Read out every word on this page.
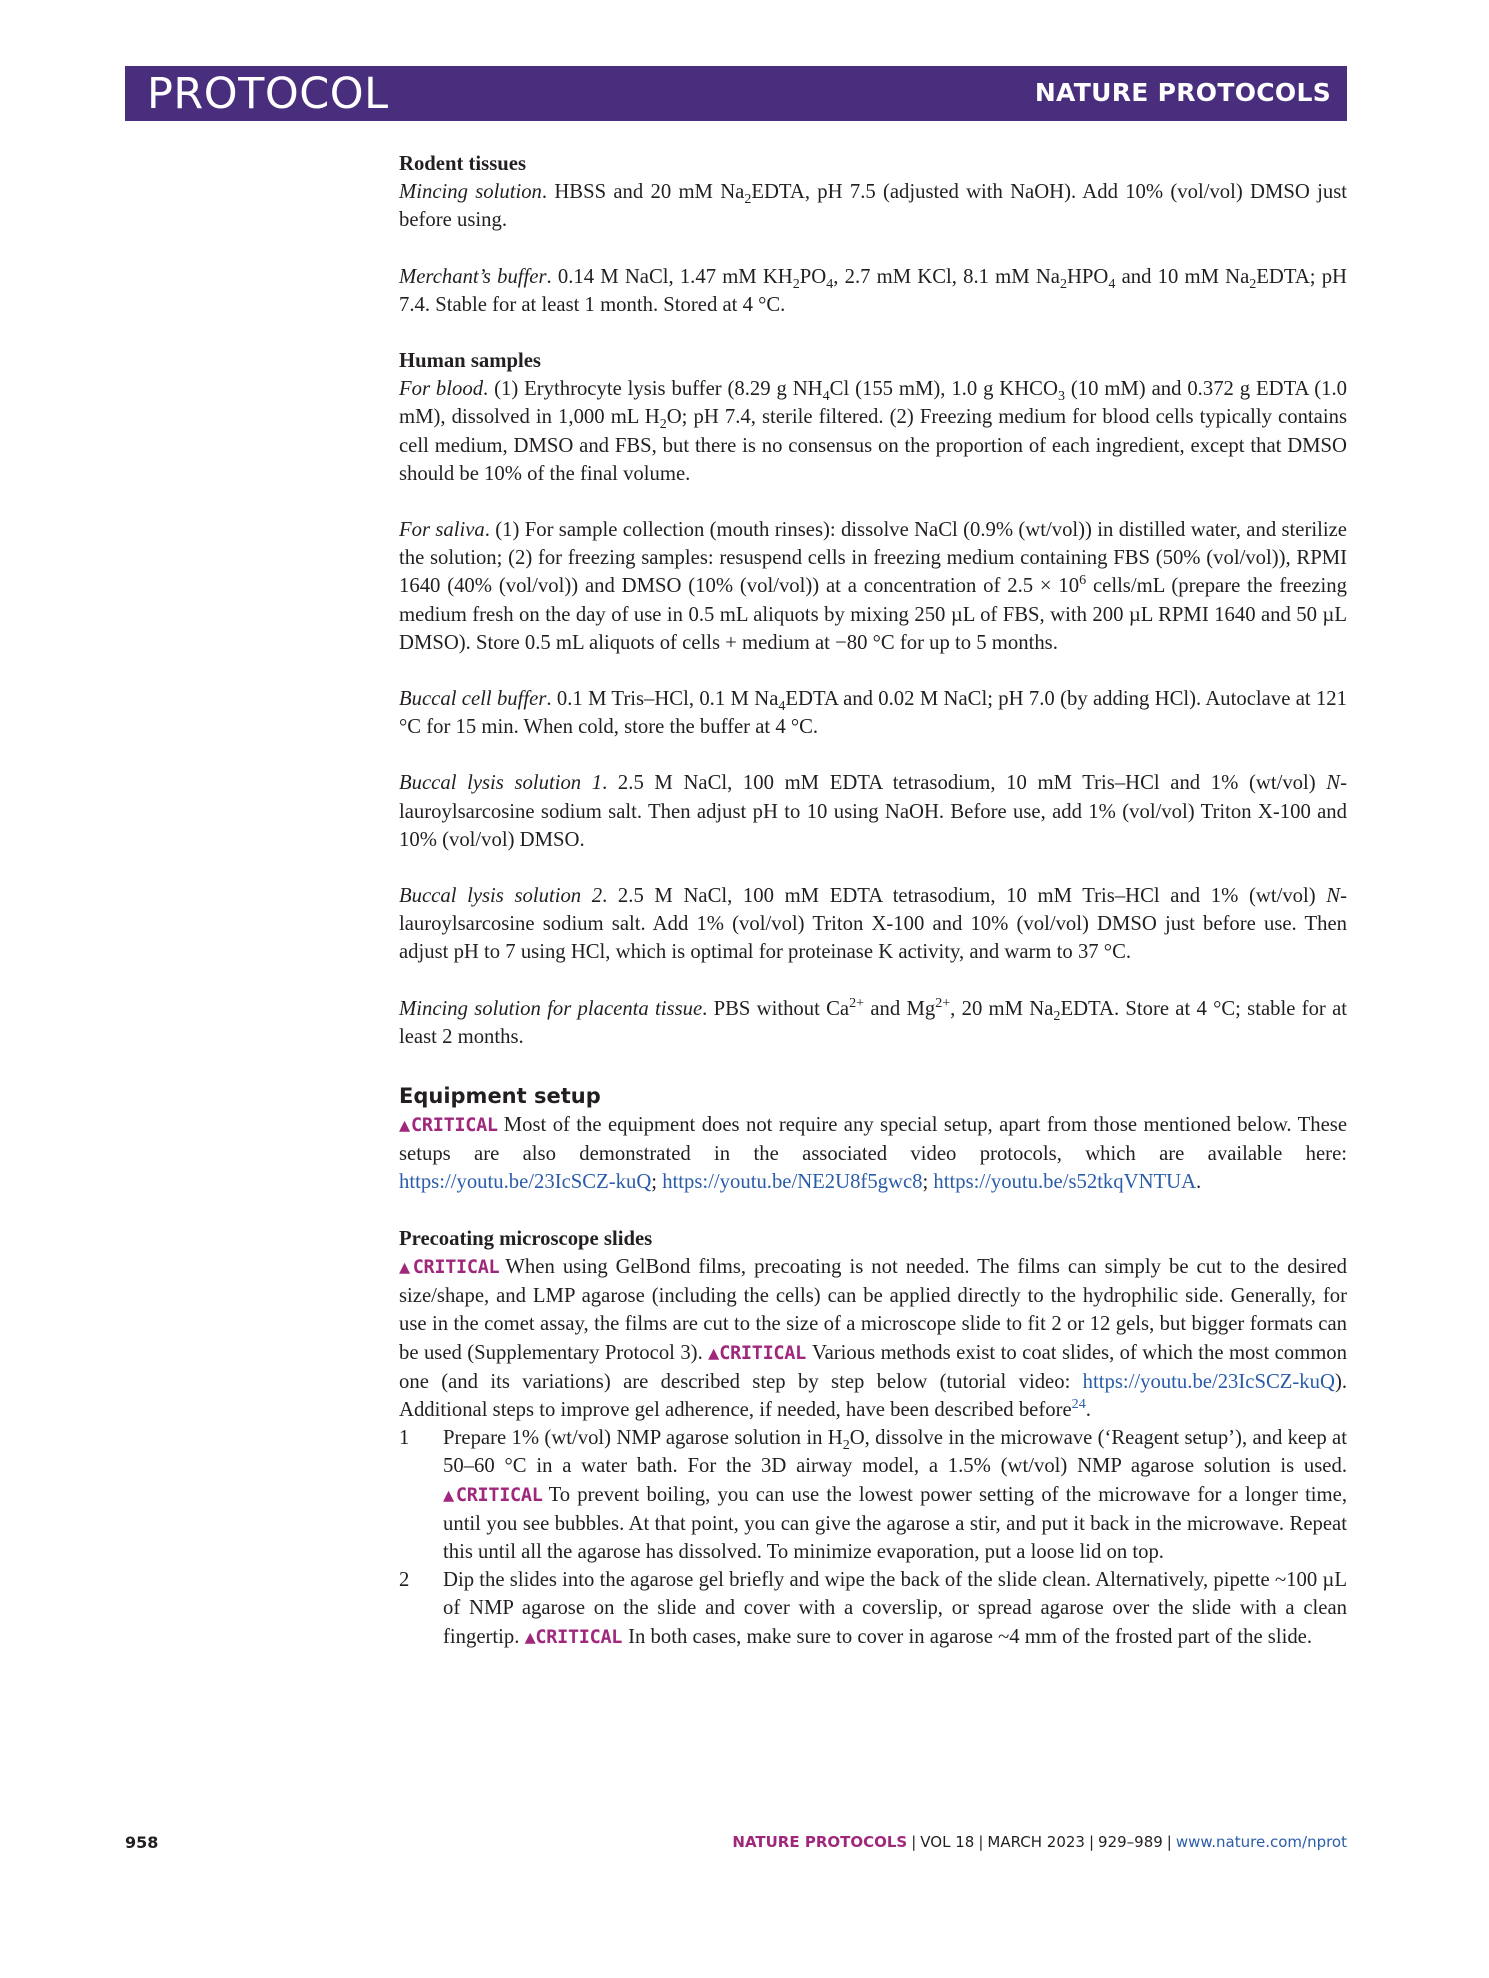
PROTOCOL	NATURE PROTOCOLS

Rodent tissues

Mincing solution. HBSS and 20 mM $Na_2EDTA$, pH 7.5 (adjusted with NaOH). Add 10% (vol/vol) DMSO just before using.

Merchant’s buffer. 0.14 M NaCl, 1.47 mM $KH_2PO_4$, 2.7 mM KCl, 8.1 mM $Na_2HPO_4$ and 10 mM $Na_2EDTA$; pH 7.4. Stable for at least 1 month. Stored at 4 °C.

Human samples

For blood. (1) Erythrocyte lysis buffer (8.29 g $NH_4Cl$ (155 mM), 1.0 g $KHCO_3$ (10 mM) and 0.372 g EDTA (1.0 mM), dissolved in 1,000 mL $H_2O$; pH 7.4, sterile filtered. (2) Freezing medium for blood cells typically contains cell medium, DMSO and FBS, but there is no consensus on the proportion of each ingredient, except that DMSO should be 10% of the final volume.

For saliva. (1) For sample collection (mouth rinses): dissolve NaCl (0.9% (wt/vol)) in distilled water, and sterilize the solution; (2) for freezing samples: resuspend cells in freezing medium containing FBS (50% (vol/vol)), RPMI 1640 (40% (vol/vol)) and DMSO (10% (vol/vol)) at a concentration of $2.5 \times 10^6$ cells/mL (prepare the freezing medium fresh on the day of use in 0.5 mL aliquots by mixing 250 µL of FBS, with 200 µL RPMI 1640 and 50 µL DMSO). Store 0.5 mL aliquots of cells + medium at −80 °C for up to 5 months.

Buccal cell buffer. 0.1 M Tris–HCl, 0.1 M $Na_4EDTA$ and 0.02 M NaCl; pH 7.0 (by adding HCl). Autoclave at 121 °C for 15 min. When cold, store the buffer at 4 °C.

Buccal lysis solution 1. 2.5 M NaCl, 100 mM EDTA tetrasodium, 10 mM Tris–HCl and 1% (wt/vol) N-lauroylsarcosine sodium salt. Then adjust pH to 10 using NaOH. Before use, add 1% (vol/vol) Triton X-100 and 10% (vol/vol) DMSO.

Buccal lysis solution 2. 2.5 M NaCl, 100 mM EDTA tetrasodium, 10 mM Tris–HCl and 1% (wt/vol) N-lauroylsarcosine sodium salt. Add 1% (vol/vol) Triton X-100 and 10% (vol/vol) DMSO just before use. Then adjust pH to 7 using HCl, which is optimal for proteinase K activity, and warm to 37 °C.

Mincing solution for placenta tissue. PBS without $Ca^{2+}$ and $Mg^{2+}$, 20 mM $Na_2EDTA$. Store at 4 °C; stable for at least 2 months.

Equipment setup

▲CRITICAL Most of the equipment does not require any special setup, apart from those mentioned below. These setups are also demonstrated in the associated video protocols, which are available here: https://youtu.be/23IcSCZ-kuQ; https://youtu.be/NE2U8f5gwc8; https://youtu.be/s52tkqVNTUA.

Precoating microscope slides

▲CRITICAL When using GelBond films, precoating is not needed. The films can simply be cut to the desired size/shape, and LMP agarose (including the cells) can be applied directly to the hydrophilic side. Generally, for use in the comet assay, the films are cut to the size of a microscope slide to fit 2 or 12 gels, but bigger formats can be used (Supplementary Protocol 3). ▲CRITICAL Various methods exist to coat slides, of which the most common one (and its variations) are described step by step below (tutorial video: https://youtu.be/23IcSCZ-kuQ). Additional steps to improve gel adherence, if needed, have been described before$^{24}$.

1 Prepare 1% (wt/vol) NMP agarose solution in $H_2O$, dissolve in the microwave (‘Reagent setup’), and keep at 50–60 °C in a water bath. For the 3D airway model, a 1.5% (wt/vol) NMP agarose solution is used. ▲CRITICAL To prevent boiling, you can use the lowest power setting of the microwave for a longer time, until you see bubbles. At that point, you can give the agarose a stir, and put it back in the microwave. Repeat this until all the agarose has dissolved. To minimize evaporation, put a loose lid on top.

2 Dip the slides into the agarose gel briefly and wipe the back of the slide clean. Alternatively, pipette ~100 µL of NMP agarose on the slide and cover with a coverslip, or spread agarose over the slide with a clean fingertip. ▲CRITICAL In both cases, make sure to cover in agarose ~4 mm of the frosted part of the slide.

958	NATURE PROTOCOLS | VOL 18 | MARCH 2023 | 929–989 | www.nature.com/nprot
